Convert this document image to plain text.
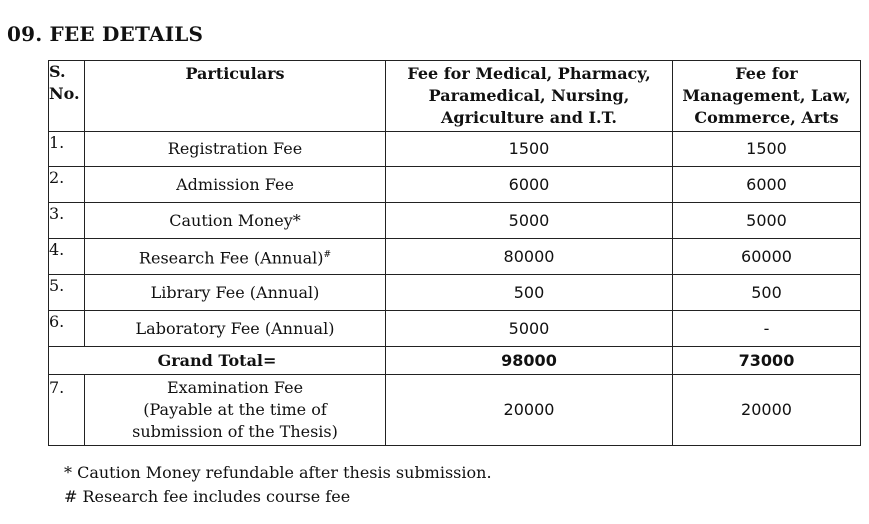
09. FEE DETAILS
S. No.	Particulars	Fee for Medical, Pharmacy, Paramedical, Nursing, Agriculture and I.T.	Fee for Management, Law, Commerce, Arts
1.	Registration Fee	1500	1500
2.	Admission Fee	6000	6000
3.	Caution Money*	5000	5000
4.	Research Fee (Annual)#	80000	60000
5.	Library Fee (Annual)	500	500
6.	Laboratory Fee (Annual)	5000	-
Grand Total=		98000	73000
7.	Examination Fee
(Payable at the time of
submission of the Thesis)	20000	20000
* Caution Money refundable after thesis submission.
# Research fee includes course fee
